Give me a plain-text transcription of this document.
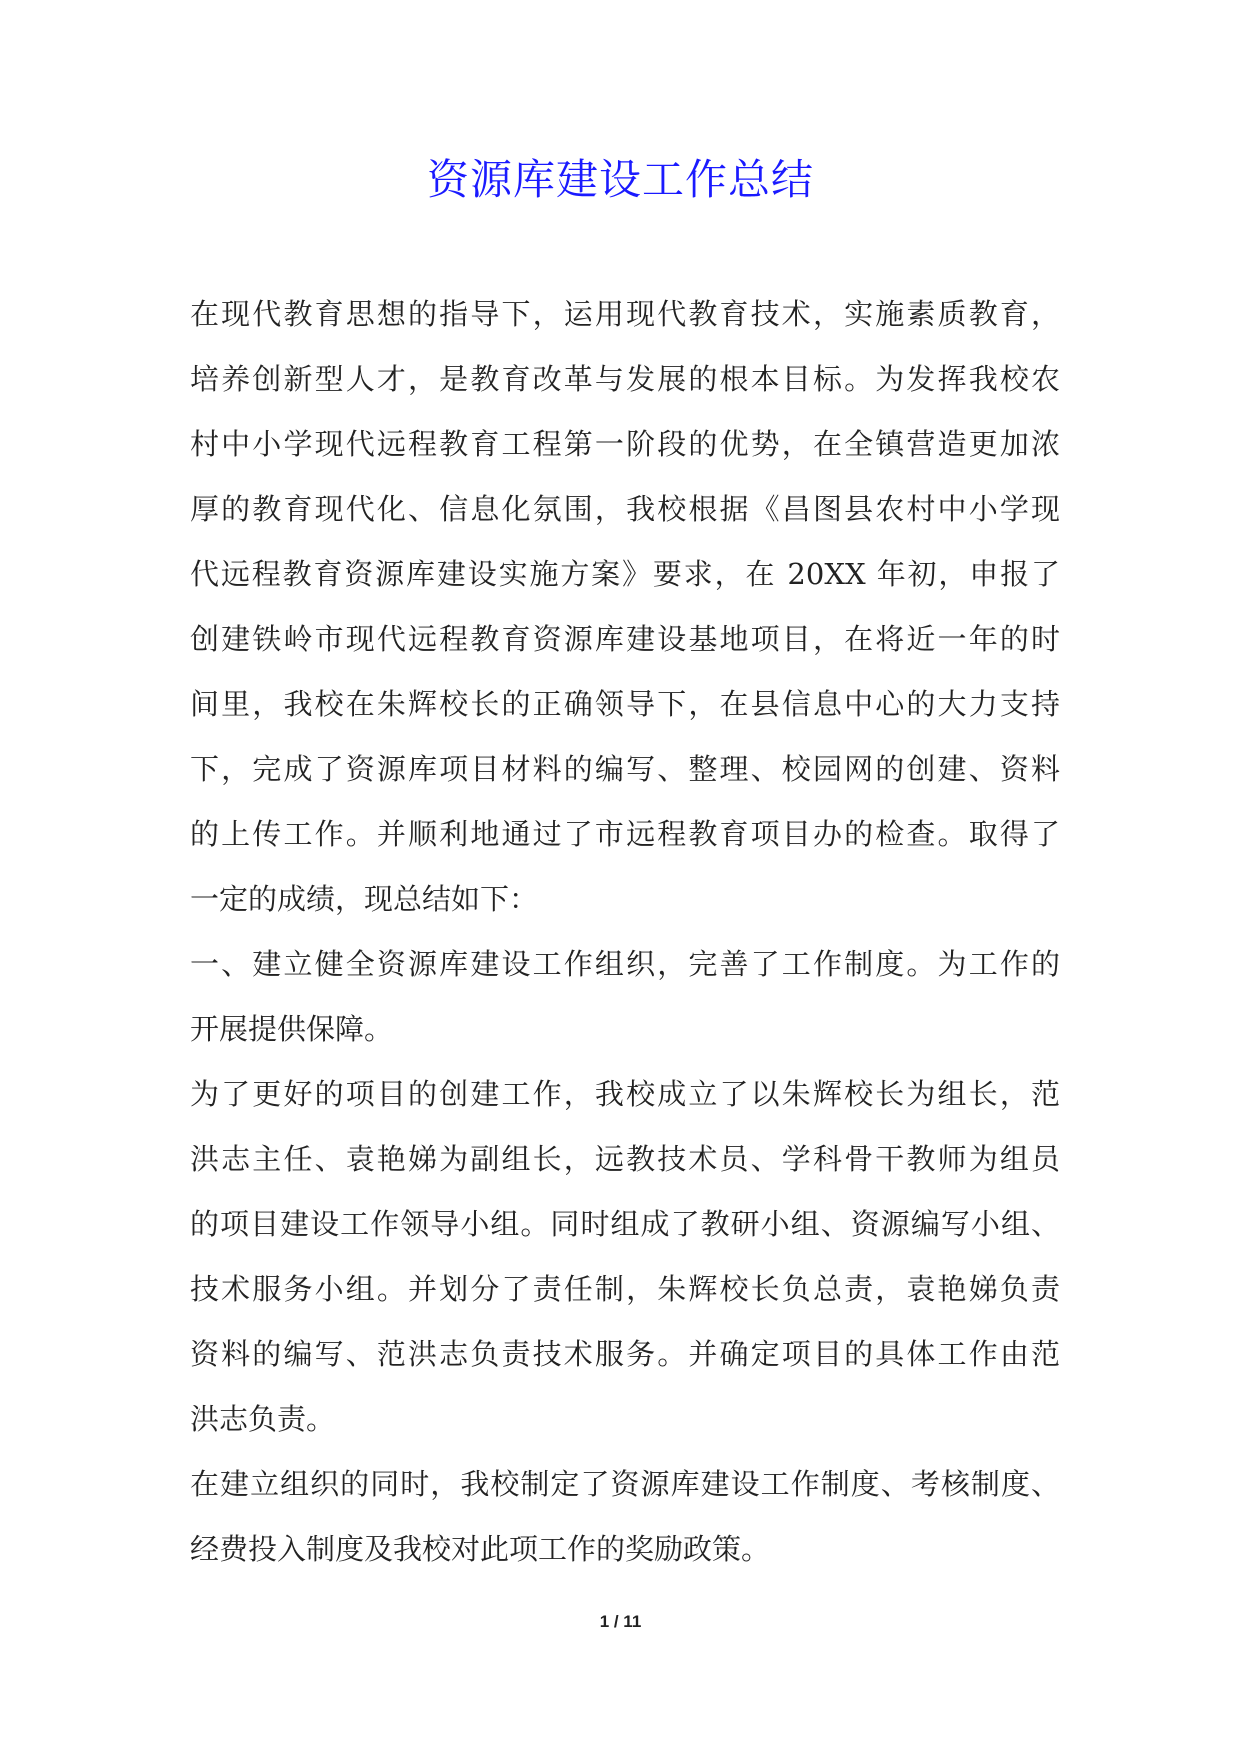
资源库建设工作总结
在现代教育思想的指导下，运用现代教育技术，实施素质教育，
培养创新型人才，是教育改革与发展的根本目标。为发挥我校农
村中小学现代远程教育工程第一阶段的优势，在全镇营造更加浓
厚的教育现代化、信息化氛围，我校根据《昌图县农村中小学现
代远程教育资源库建设实施方案》要求，在 20XX 年初，申报了
创建铁岭市现代远程教育资源库建设基地项目，在将近一年的时
间里，我校在朱辉校长的正确领导下，在县信息中心的大力支持
下，完成了资源库项目材料的编写、整理、校园网的创建、资料
的上传工作。并顺利地通过了市远程教育项目办的检查。取得了
一定的成绩，现总结如下：
一、建立健全资源库建设工作组织，完善了工作制度。为工作的
开展提供保障。
为了更好的项目的创建工作，我校成立了以朱辉校长为组长，范
洪志主任、袁艳娣为副组长，远教技术员、学科骨干教师为组员
的项目建设工作领导小组。同时组成了教研小组、资源编写小组、
技术服务小组。并划分了责任制，朱辉校长负总责，袁艳娣负责
资料的编写、范洪志负责技术服务。并确定项目的具体工作由范
洪志负责。
在建立组织的同时，我校制定了资源库建设工作制度、考核制度、
经费投入制度及我校对此项工作的奖励政策。
1 / 11
